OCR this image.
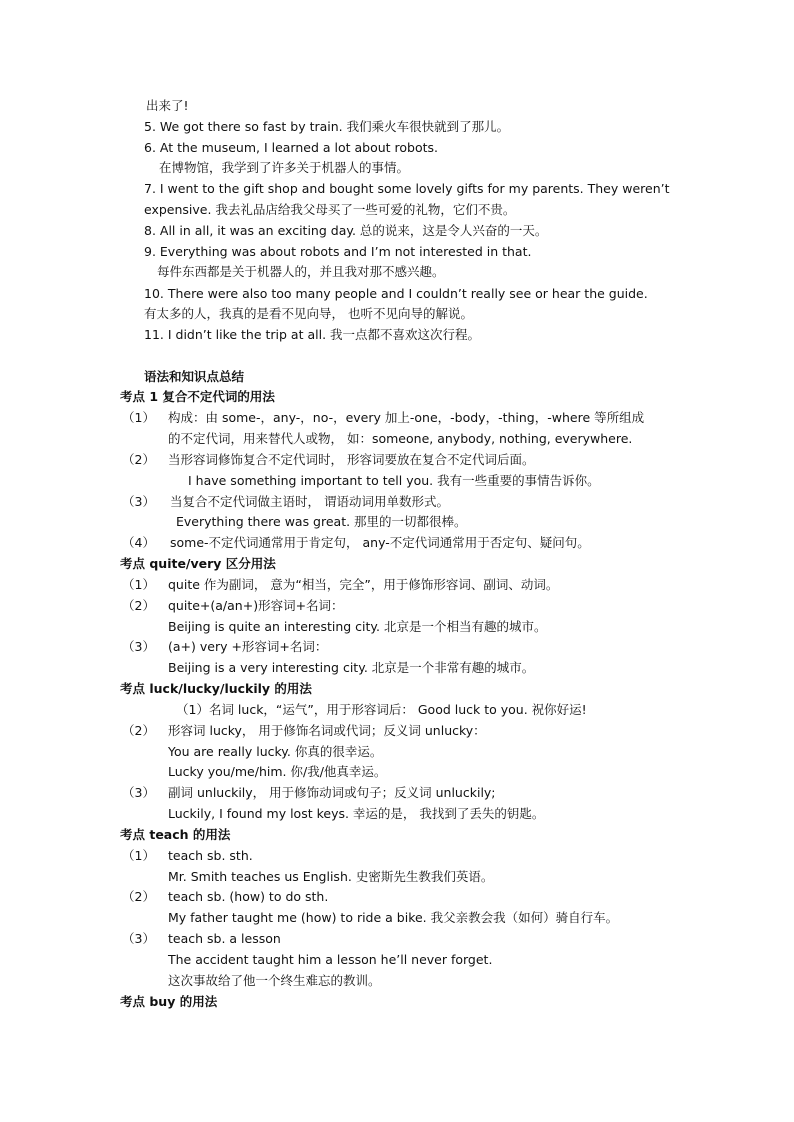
出来了!
5. We got there so fast by train. 我们乘火车很快就到了那儿。
6. At the museum, I learned a lot about robots.
在博物馆，我学到了许多关于机器人的事情。
7. I went to the gift shop and bought some lovely gifts for my parents. They weren’t
expensive. 我去礼品店给我父母买了一些可爱的礼物，它们不贵。
8. All in all, it was an exciting day. 总的说来，这是令人兴奋的一天。
9. Everything was about robots and I’m not interested in that.
每件东西都是关于机器人的，并且我对那不感兴趣。
10. There were also too many people and I couldn’t really see or hear the guide.
有太多的人，我真的是看不见向导， 也听不见向导的解说。
11. I didn’t like the trip at all. 我一点都不喜欢这次行程。
语法和知识点总结
考点 1 复合不定代词的用法
（1） 构成：由 some-，any-，no-，every 加上-one，-body，-thing，-where 等所组成
的不定代词，用来替代人或物， 如：someone, anybody, nothing, everywhere.
（2） 当形容词修饰复合不定代词时， 形容词要放在复合不定代词后面。
I have something important to tell you. 我有一些重要的事情告诉你。
（3） 当复合不定代词做主语时， 谓语动词用单数形式。
Everything there was great. 那里的一切都很棒。
（4） some-不定代词通常用于肯定句， any-不定代词通常用于否定句、疑问句。
考点 quite/very 区分用法
（1） quite 作为副词， 意为“相当，完全”，用于修饰形容词、副词、动词。
（2） quite+(a/an+)形容词+名词：
Beijing is quite an interesting city. 北京是一个相当有趣的城市。
（3） (a+) very +形容词+名词：
Beijing is a very interesting city. 北京是一个非常有趣的城市。
考点 luck/lucky/luckily 的用法
（1）名词 luck，“运气”，用于形容词后： Good luck to you. 祝你好运!
（2） 形容词 lucky， 用于修饰名词或代词；反义词 unlucky：
You are really lucky. 你真的很幸运。
Lucky you/me/him. 你/我/他真幸运。
（3） 副词 unluckily， 用于修饰动词或句子；反义词 unluckily;
Luckily, I found my lost keys. 幸运的是， 我找到了丢失的钥匙。
考点 teach 的用法
（1） teach sb. sth.
Mr. Smith teaches us English. 史密斯先生教我们英语。
（2） teach sb. (how) to do sth.
My father taught me (how) to ride a bike. 我父亲教会我（如何）骑自行车。
（3） teach sb. a lesson
The accident taught him a lesson he’ll never forget.
这次事故给了他一个终生难忘的教训。
考点 buy 的用法
